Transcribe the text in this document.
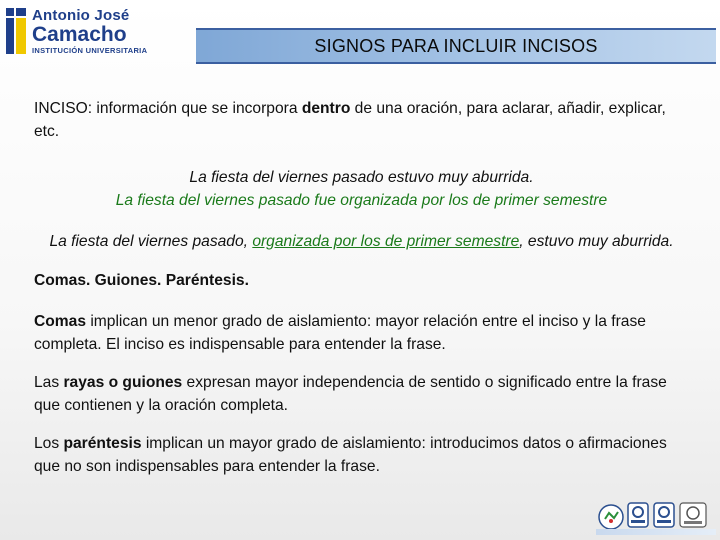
Antonio José
Camacho
INSTITUCIÓN UNIVERSITARIA	SIGNOS PARA INCLUIR INCISOS

INCISO: información que se incorpora dentro de una oración, para aclarar, añadir, explicar, etc.

La fiesta del viernes pasado estuvo muy aburrida.

La fiesta del viernes pasado fue organizada por los de primer semestre

La fiesta del viernes pasado, organizada por los de primer semestre, estuvo muy aburrida.

Comas. Guiones. Paréntesis.

Comas implican un menor grado de aislamiento: mayor relación entre el inciso y la frase completa. El inciso es indispensable para entender la frase.

Las rayas o guiones expresan mayor independencia de sentido o significado entre la frase que contienen y la oración completa.

Los paréntesis implican un mayor grado de aislamiento: introducimos datos o afirmaciones que no son indispensables para entender la frase.
